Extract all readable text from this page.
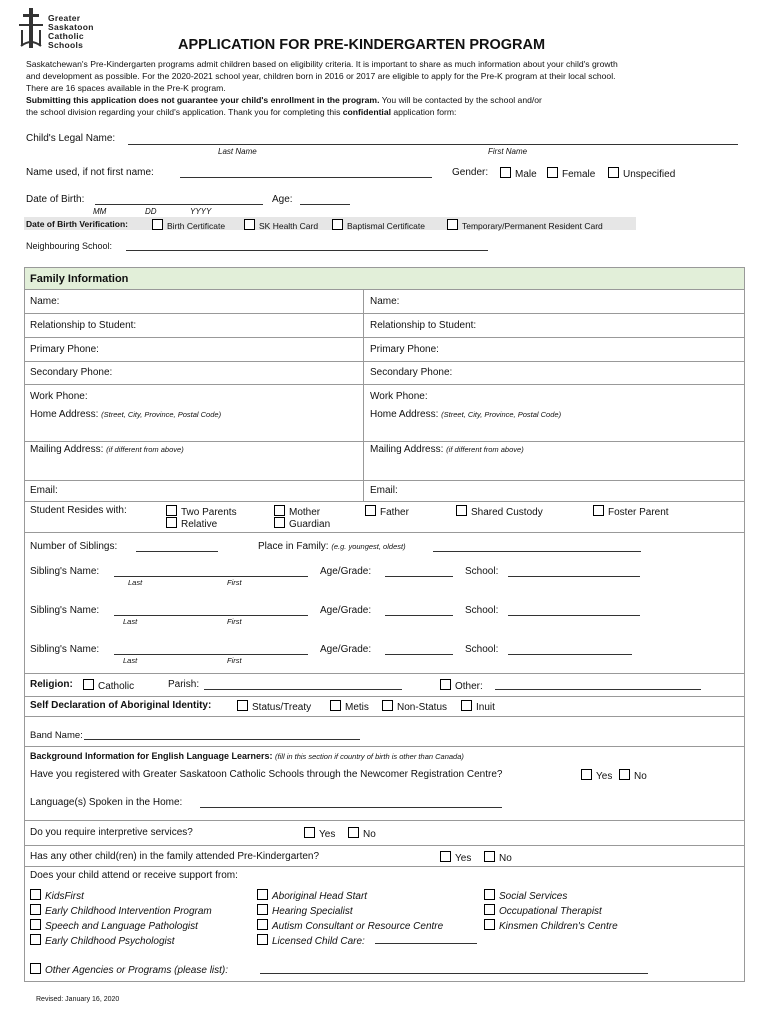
Greater
Saskatoon
Catholic
Schools	APPLICATION FOR PRE-KINDERGARTEN PROGRAM
Saskatchewan's Pre-Kindergarten programs admit children based on eligibility criteria. It is important to share as much information about your child's growth
and development as possible. For the 2020-2021 school year, children born in 2016 or 2017 are eligible to apply for the Pre-K program at their local school.
There are 16 spaces available in the Pre-K program.
Submitting this application does not guarantee your child's enrollment in the program. You will be contacted by the school and/or
the school division regarding your child's application. Thank you for completing this confidential application form:
Child's Legal Name:
Last Name	First Name
Name used, if not first name:	Gender:	Male	Female	Unspecified
Date of Birth:	Age:
MM	DD	YYYY
Date of Birth Verification:	Birth Certificate	SK Health Card	Baptismal Certificate	Temporary/Permanent Resident Card
Neighbouring School:
Family Information
Name:	Name:
Relationship to Student:	Relationship to Student:
Primary Phone:	Primary Phone:
Secondary Phone:	Secondary Phone:
Work Phone:	Work Phone:
Home Address: (Street, City, Province, Postal Code)	Home Address: (Street, City, Province, Postal Code)
Mailing Address: (if different from above)	Mailing Address: (if different from above)
Email:	Email:
Student Resides with:	Two Parents
Relative
Mother
Guardian
Father	Shared Custody	Foster Parent
Number of Siblings:	Place in Family: (e.g. youngest, oldest)
Sibling's Name:
Last	First
Age/Grade:	School:
Sibling's Name:
Last	First
Age/Grade:	School:
Sibling's Name:
Last	First
Age/Grade:	School:
Religion:	Catholic	Parish:	Other:
Self Declaration of Aboriginal Identity:	Status/Treaty	Metis	Non-Status	Inuit
Band Name:
Background Information for English Language Learners: (fill in this section if country of birth is other than Canada)
Have you registered with Greater Saskatoon Catholic Schools through the Newcomer Registration Centre?	Yes	No
Language(s) Spoken in the Home:
Do you require interpretive services?	Yes	No
Has any other child(ren) in the family attended Pre-Kindergarten?	Yes	No
Does your child attend or receive support from:
KidsFirst
Early Childhood Intervention Program
Speech and Language Pathologist
Early Childhood Psychologist
Aboriginal Head Start
Hearing Specialist
Autism Consultant or Resource Centre
Licensed Child Care:
Social Services
Occupational Therapist
Kinsmen Children's Centre
Other Agencies or Programs (please list):
Revised: January 16, 2020
